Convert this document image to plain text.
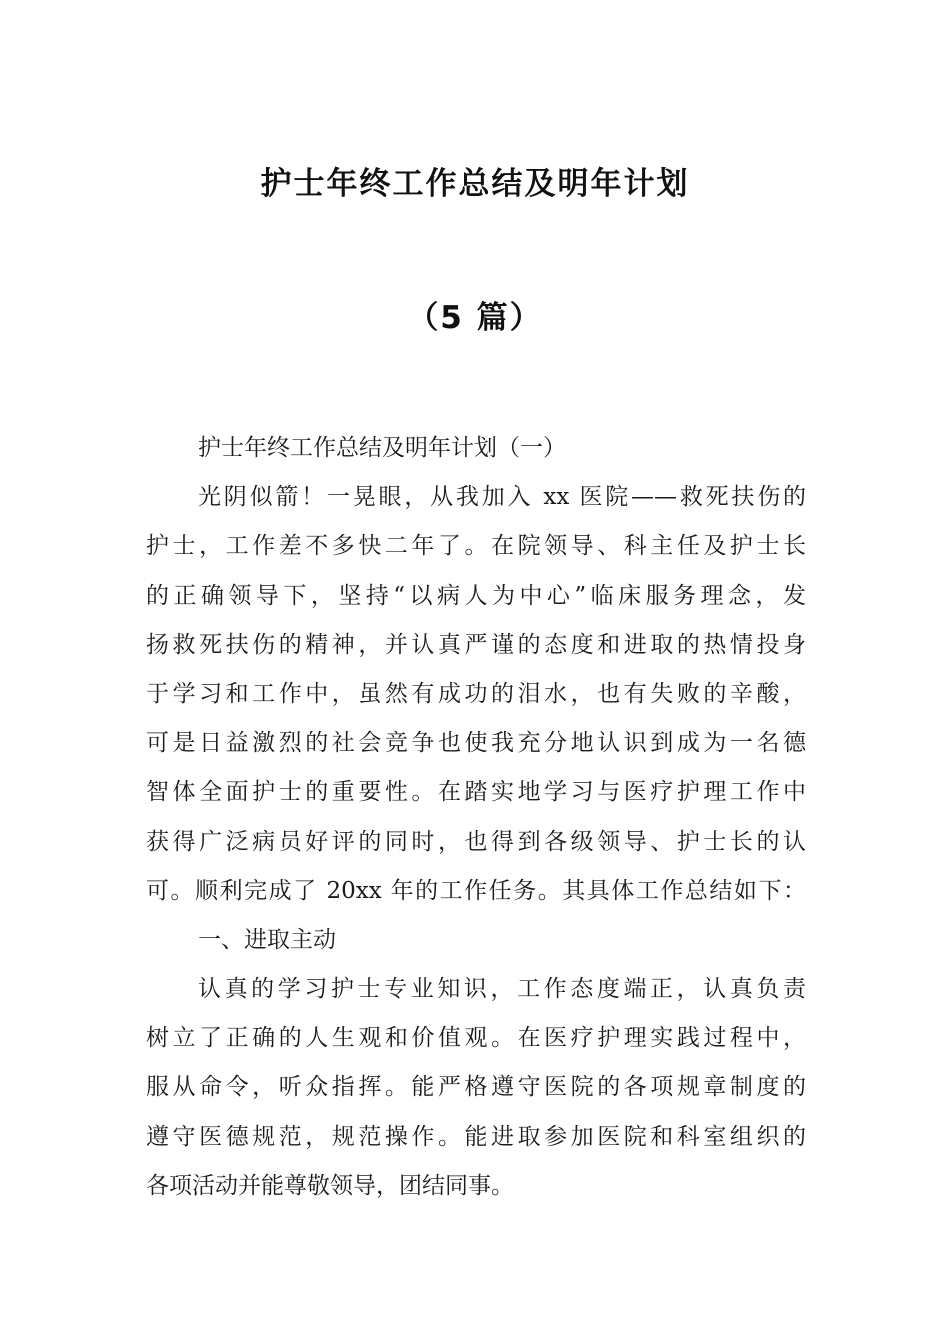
护士年终工作总结及明年计划
（5 篇）

护士年终工作总结及明年计划（一）

光阴似箭！一晃眼，从我加入 xx 医院——救死扶伤的

护士，工作差不多快二年了。在院领导、科主任及护士长

的正确领导下，坚持“以病人为中心”临床服务理念，发

扬救死扶伤的精神，并认真严谨的态度和进取的热情投身

于学习和工作中，虽然有成功的泪水，也有失败的辛酸，

可是日益激烈的社会竞争也使我充分地认识到成为一名德

智体全面护士的重要性。在踏实地学习与医疗护理工作中

获得广泛病员好评的同时，也得到各级领导、护士长的认

可。顺利完成了 20xx 年的工作任务。其具体工作总结如下：

一、进取主动

认真的学习护士专业知识，工作态度端正，认真负责

树立了正确的人生观和价值观。在医疗护理实践过程中，

服从命令，听众指挥。能严格遵守医院的各项规章制度的

遵守医德规范，规范操作。能进取参加医院和科室组织的

各项活动并能尊敬领导，团结同事。
